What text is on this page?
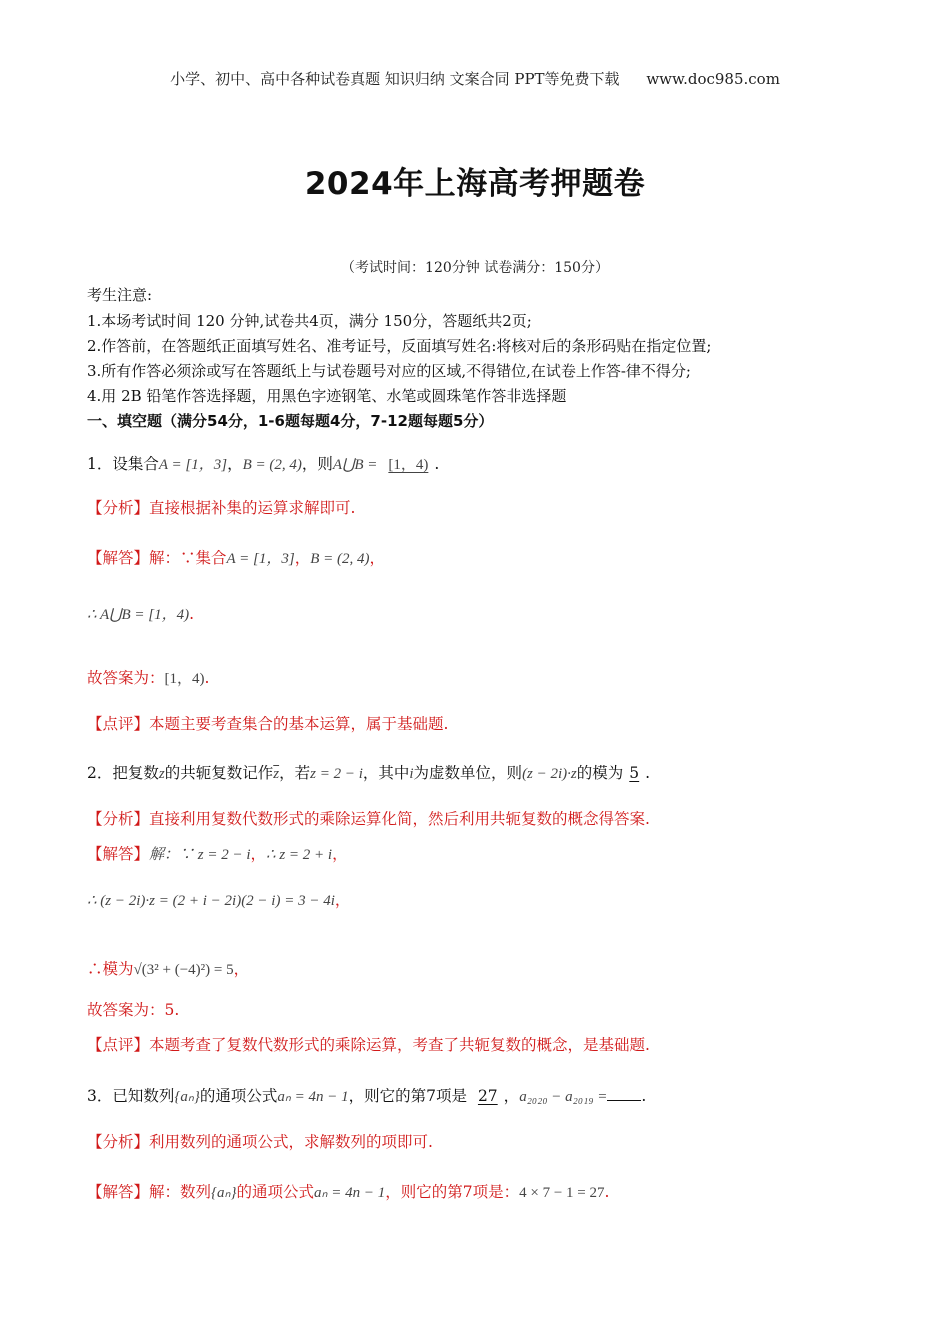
小学、初中、高中各种试卷真题 知识归纳 文案合同 PPT等免费下载 www.doc985.com
2024年上海高考押题卷
（考试时间：120分钟 试卷满分：150分）
考生注意:
1.本场考试时间 120 分钟,试卷共4页，满分 150分，答题纸共2页;
2.作答前，在答题纸正面填写姓名、准考证号，反面填写姓名:将核对后的条形码贴在指定位置;
3.所有作答必须涂或写在答题纸上与试卷题号对应的区域,不得错位,在试卷上作答-律不得分;
4.用 2B 铅笔作答选择题，用黑色字迹钢笔、水笔或圆珠笔作答非选择题
一、填空题（满分54分，1-6题每题4分，7-12题每题5分）
1．设集合A = [1，3]，B = (2, 4)，则A⋃B = [1，4) .
【分析】直接根据补集的运算求解即可.
【解答】解：∵集合A = [1，3]，B = (2, 4)，
∴ A⋃B = [1，4).
故答案为：[1，4).
【点评】本题主要考查集合的基本运算，属于基础题.
2．把复数z的共轭复数记作$\overline{z}$，若z = 2 − i，其中i为虚数单位，则(z − 2i)·z的模为 5 .
【分析】直接利用复数代数形式的乘除运算化简，然后利用共轭复数的概念得答案.
【解答】解：∵ z = 2 − i，∴ z = 2 + i，
∴ (z − 2i)·z = (2 + i − 2i)(2 − i) = 3 − 4i，
∴模为√(3² + (−4)²) = 5，
故答案为：5.
【点评】本题考查了复数代数形式的乘除运算，考查了共轭复数的概念，是基础题.
3．已知数列{aₙ}的通项公式aₙ = 4n − 1，则它的第7项是 27 ，a₂₀₂₀ − a₂₀₁₉ = .
【分析】利用数列的通项公式，求解数列的项即可.
【解答】解：数列{aₙ}的通项公式aₙ = 4n − 1，则它的第7项是：4 × 7 − 1 = 27.
